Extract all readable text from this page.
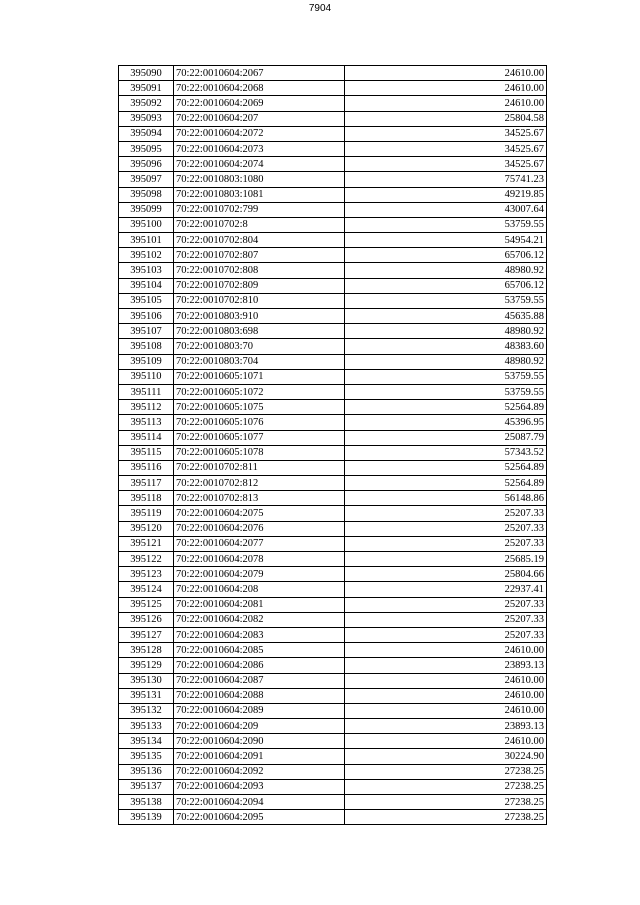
7904
395090	70:22:0010604:2067	24610.00
395091	70:22:0010604:2068	24610.00
395092	70:22:0010604:2069	24610.00
395093	70:22:0010604:207	25804.58
395094	70:22:0010604:2072	34525.67
395095	70:22:0010604:2073	34525.67
395096	70:22:0010604:2074	34525.67
395097	70:22:0010803:1080	75741.23
395098	70:22:0010803:1081	49219.85
395099	70:22:0010702:799	43007.64
395100	70:22:0010702:8	53759.55
395101	70:22:0010702:804	54954.21
395102	70:22:0010702:807	65706.12
395103	70:22:0010702:808	48980.92
395104	70:22:0010702:809	65706.12
395105	70:22:0010702:810	53759.55
395106	70:22:0010803:910	45635.88
395107	70:22:0010803:698	48980.92
395108	70:22:0010803:70	48383.60
395109	70:22:0010803:704	48980.92
395110	70:22:0010605:1071	53759.55
395111	70:22:0010605:1072	53759.55
395112	70:22:0010605:1075	52564.89
395113	70:22:0010605:1076	45396.95
395114	70:22:0010605:1077	25087.79
395115	70:22:0010605:1078	57343.52
395116	70:22:0010702:811	52564.89
395117	70:22:0010702:812	52564.89
395118	70:22:0010702:813	56148.86
395119	70:22:0010604:2075	25207.33
395120	70:22:0010604:2076	25207.33
395121	70:22:0010604:2077	25207.33
395122	70:22:0010604:2078	25685.19
395123	70:22:0010604:2079	25804.66
395124	70:22:0010604:208	22937.41
395125	70:22:0010604:2081	25207.33
395126	70:22:0010604:2082	25207.33
395127	70:22:0010604:2083	25207.33
395128	70:22:0010604:2085	24610.00
395129	70:22:0010604:2086	23893.13
395130	70:22:0010604:2087	24610.00
395131	70:22:0010604:2088	24610.00
395132	70:22:0010604:2089	24610.00
395133	70:22:0010604:209	23893.13
395134	70:22:0010604:2090	24610.00
395135	70:22:0010604:2091	30224.90
395136	70:22:0010604:2092	27238.25
395137	70:22:0010604:2093	27238.25
395138	70:22:0010604:2094	27238.25
395139	70:22:0010604:2095	27238.25
